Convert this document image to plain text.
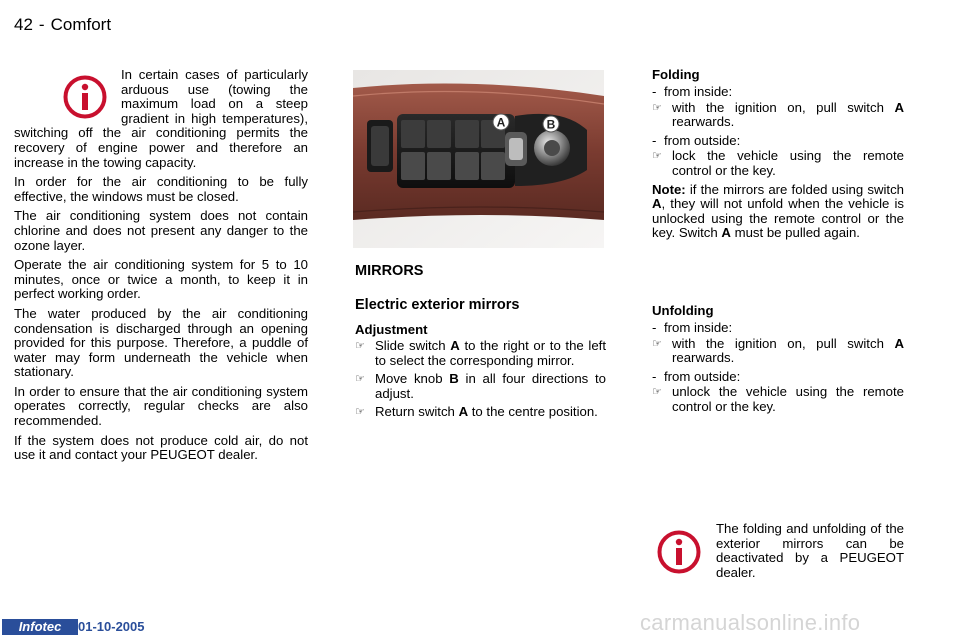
42 - Comfort

In certain cases of particularly arduous use (towing the maximum load on a steep gradient in high temperatures), switching off the air conditioning permits the recovery of engine power and therefore an increase in the towing capacity.

In order for the air conditioning to be fully effective, the windows must be closed.

The air conditioning system does not contain chlorine and does not present any danger to the ozone layer.

Operate the air conditioning system for 5 to 10 minutes, once or twice a month, to keep it in perfect working order.

The water produced by the air conditioning condensation is discharged through an opening provided for this purpose. Therefore, a puddle of water may form underneath the vehicle when stationary.

In order to ensure that the air conditioning system operates correctly, regular checks are also recommended.

If the system does not produce cold air, do not use it and contact your PEUGEOT dealer.

A	B
MIRRORS
Electric exterior mirrors
Adjustment
☞ Slide switch A to the right or to the left to select the corresponding mirror.
☞ Move knob B in all four directions to adjust.
☞ Return switch A to the centre position.
Folding
- from inside:
☞ with the ignition on, pull switch A rearwards.
- from outside:
☞ lock the vehicle using the remote control or the key.
Note: if the mirrors are folded using switch A, they will not unfold when the vehicle is unlocked using the remote control or the key. Switch A must be pulled again.
Unfolding
- from inside:
☞ with the ignition on, pull switch A rearwards.
- from outside:
☞ unlock the vehicle using the remote control or the key.
The folding and unfolding of the exterior mirrors can be deactivated by a PEUGEOT dealer.
Infotec	01-10-2005	carmanualsonline.info
